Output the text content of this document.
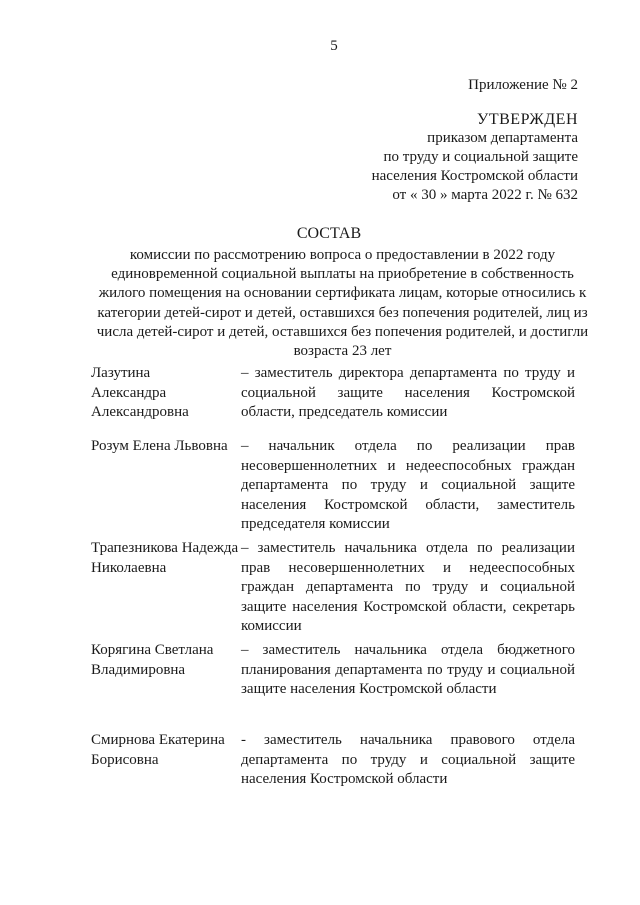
5
Приложение № 2
УТВЕРЖДЕН
приказом департамента
по труду и социальной защите
населения Костромской области
от « 30 » марта 2022 г. № 632
СОСТАВ
комиссии по рассмотрению вопроса о предоставлении в 2022 году единовременной социальной выплаты на приобретение в собственность жилого помещения на основании сертификата лицам, которые относились к категории детей-сирот и детей, оставшихся без попечения родителей, лиц из числа детей-сирот и детей, оставшихся без попечения родителей, и достигли возраста 23 лет
Лазутина Александра Александровна
– заместитель директора департамента по труду и социальной защите населения Костромской области, председатель комиссии
Розум Елена Львовна – начальник отдела по реализации прав несовершеннолетних и недееспособных граждан департамента по труду и социальной защите населения Костромской области, заместитель председателя комиссии
Трапезникова Надежда Николаевна
– заместитель начальника отдела по реализации прав несовершеннолетних и недееспособных граждан департамента по труду и социальной защите населения Костромской области, секретарь комиссии
Корягина Светлана Владимировна
– заместитель начальника отдела бюджетного планирования департамента по труду и социальной защите населения Костромской области
Смирнова Екатерина Борисовна
- заместитель начальника правового отдела департамента по труду и социальной защите населения Костромской области
